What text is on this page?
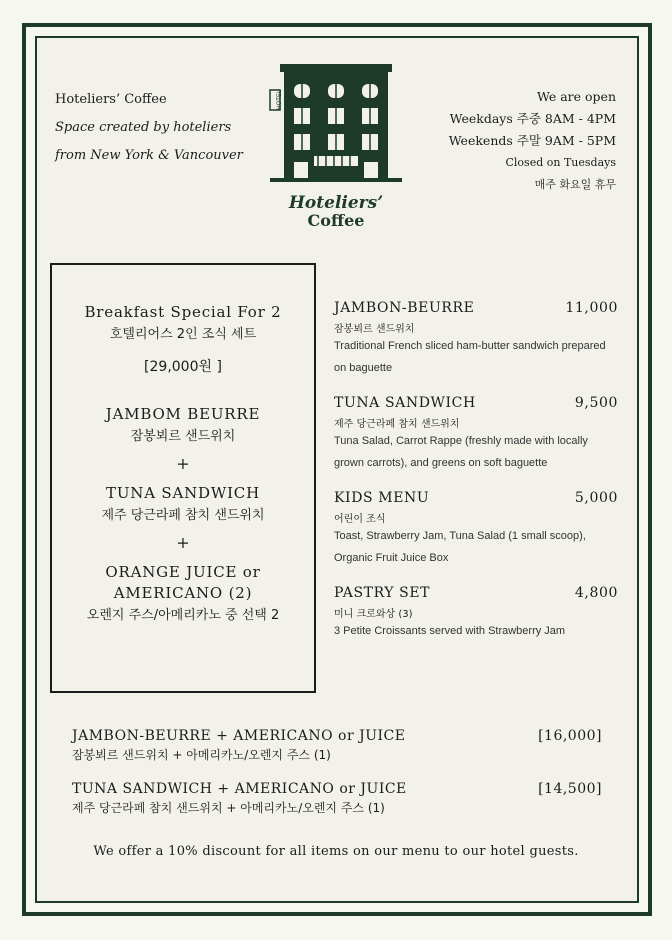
Hoteliers’ Coffee
Space created by hoteliers
from New York & Vancouver
HOTEL
Hoteliers’
Coffee
We are open
Weekdays 주중 8AM - 4PM
Weekends 주말 9AM - 5PM
Closed on Tuesdays
매주 화요일 휴무
Breakfast Special For 2
호텔리어스 2인 조식 세트
[29,000원 ]
JAMBOM BEURRE
잠봉뵈르 샌드위치
+
TUNA SANDWICH
제주 당근라페 참치 샌드위치
+
ORANGE JUICE or AMERICANO (2)
오렌지 주스/아메리카노 중 선택 2
JAMBON-BEURRE	11,000
잠봉뵈르 샌드위치
Traditional French sliced ham-butter sandwich prepared on baguette
TUNA SANDWICH	9,500
제주 당근라페 참치 샌드위치
Tuna Salad, Carrot Rappe (freshly made with locally grown carrots), and greens on soft baguette
KIDS MENU	5,000
어린이 조식
Toast, Strawberry Jam, Tuna Salad (1 small scoop), Organic Fruit Juice Box
PASTRY SET	4,800
미니 크로와상 (3)
3 Petite Croissants served with Strawberry Jam
JAMBON-BEURRE + AMERICANO or JUICE	[16,000]
잠봉뵈르 샌드위치 + 아메리카노/오렌지 주스 (1)
TUNA SANDWICH + AMERICANO or JUICE	[14,500]
제주 당근라페 참치 샌드위치 + 아메리카노/오렌지 주스 (1)
We offer a 10% discount for all items on our menu to our hotel guests.
